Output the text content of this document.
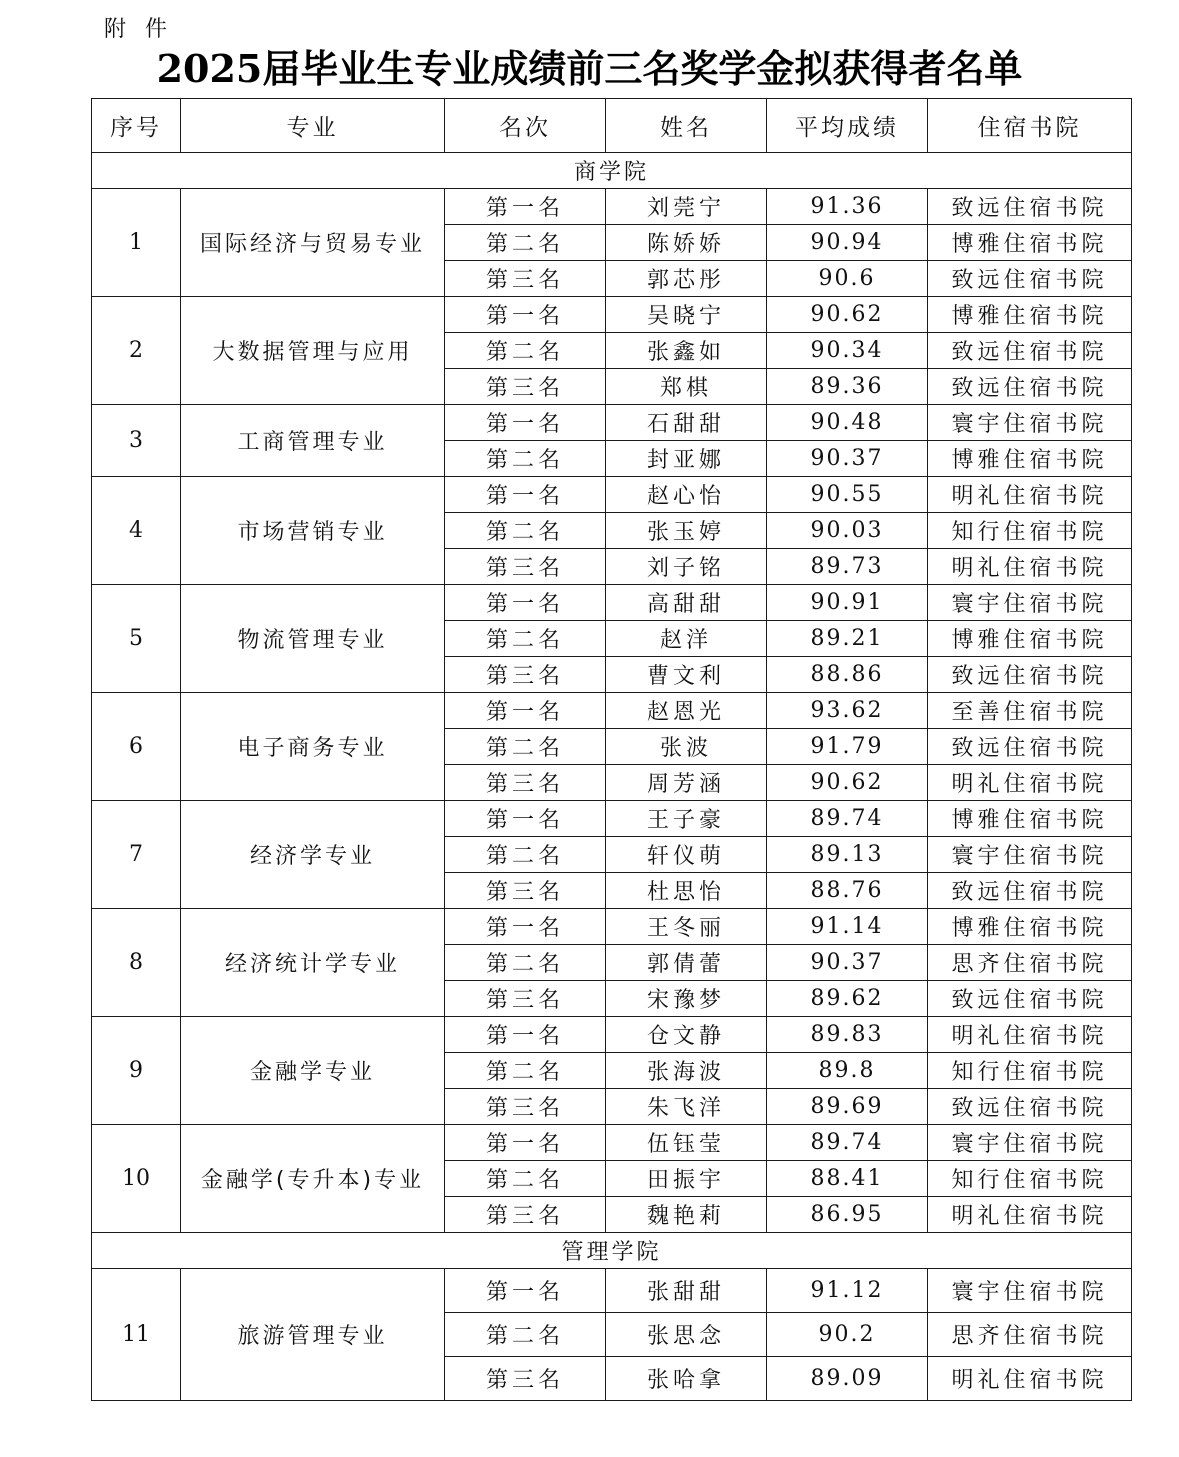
附 件
2025届毕业生专业成绩前三名奖学金拟获得者名单
序号	专业	名次	姓名	平均成绩	住宿书院
商学院					
1	国际经济与贸易专业	第一名	刘莞宁	91.36	致远住宿书院
		第二名	陈娇娇	90.94	博雅住宿书院
		第三名	郭芯彤	90.6	致远住宿书院
2	大数据管理与应用	第一名	吴晓宁	90.62	博雅住宿书院
		第二名	张鑫如	90.34	致远住宿书院
		第三名	郑棋	89.36	致远住宿书院
3	工商管理专业	第一名	石甜甜	90.48	寰宇住宿书院
		第二名	封亚娜	90.37	博雅住宿书院
4	市场营销专业	第一名	赵心怡	90.55	明礼住宿书院
		第二名	张玉婷	90.03	知行住宿书院
		第三名	刘子铭	89.73	明礼住宿书院
5	物流管理专业	第一名	高甜甜	90.91	寰宇住宿书院
		第二名	赵洋	89.21	博雅住宿书院
		第三名	曹文利	88.86	致远住宿书院
6	电子商务专业	第一名	赵恩光	93.62	至善住宿书院
		第二名	张波	91.79	致远住宿书院
		第三名	周芳涵	90.62	明礼住宿书院
7	经济学专业	第一名	王子豪	89.74	博雅住宿书院
		第二名	轩仪萌	89.13	寰宇住宿书院
		第三名	杜思怡	88.76	致远住宿书院
8	经济统计学专业	第一名	王冬丽	91.14	博雅住宿书院
		第二名	郭倩蕾	90.37	思齐住宿书院
		第三名	宋豫梦	89.62	致远住宿书院
9	金融学专业	第一名	仓文静	89.83	明礼住宿书院
		第二名	张海波	89.8	知行住宿书院
		第三名	朱飞洋	89.69	致远住宿书院
10	金融学(专升本)专业	第一名	伍钰莹	89.74	寰宇住宿书院
		第二名	田振宇	88.41	知行住宿书院
		第三名	魏艳莉	86.95	明礼住宿书院
管理学院					
11	旅游管理专业	第一名	张甜甜	91.12	寰宇住宿书院
		第二名	张思念	90.2	思齐住宿书院
		第三名	张哈拿	89.09	明礼住宿书院
